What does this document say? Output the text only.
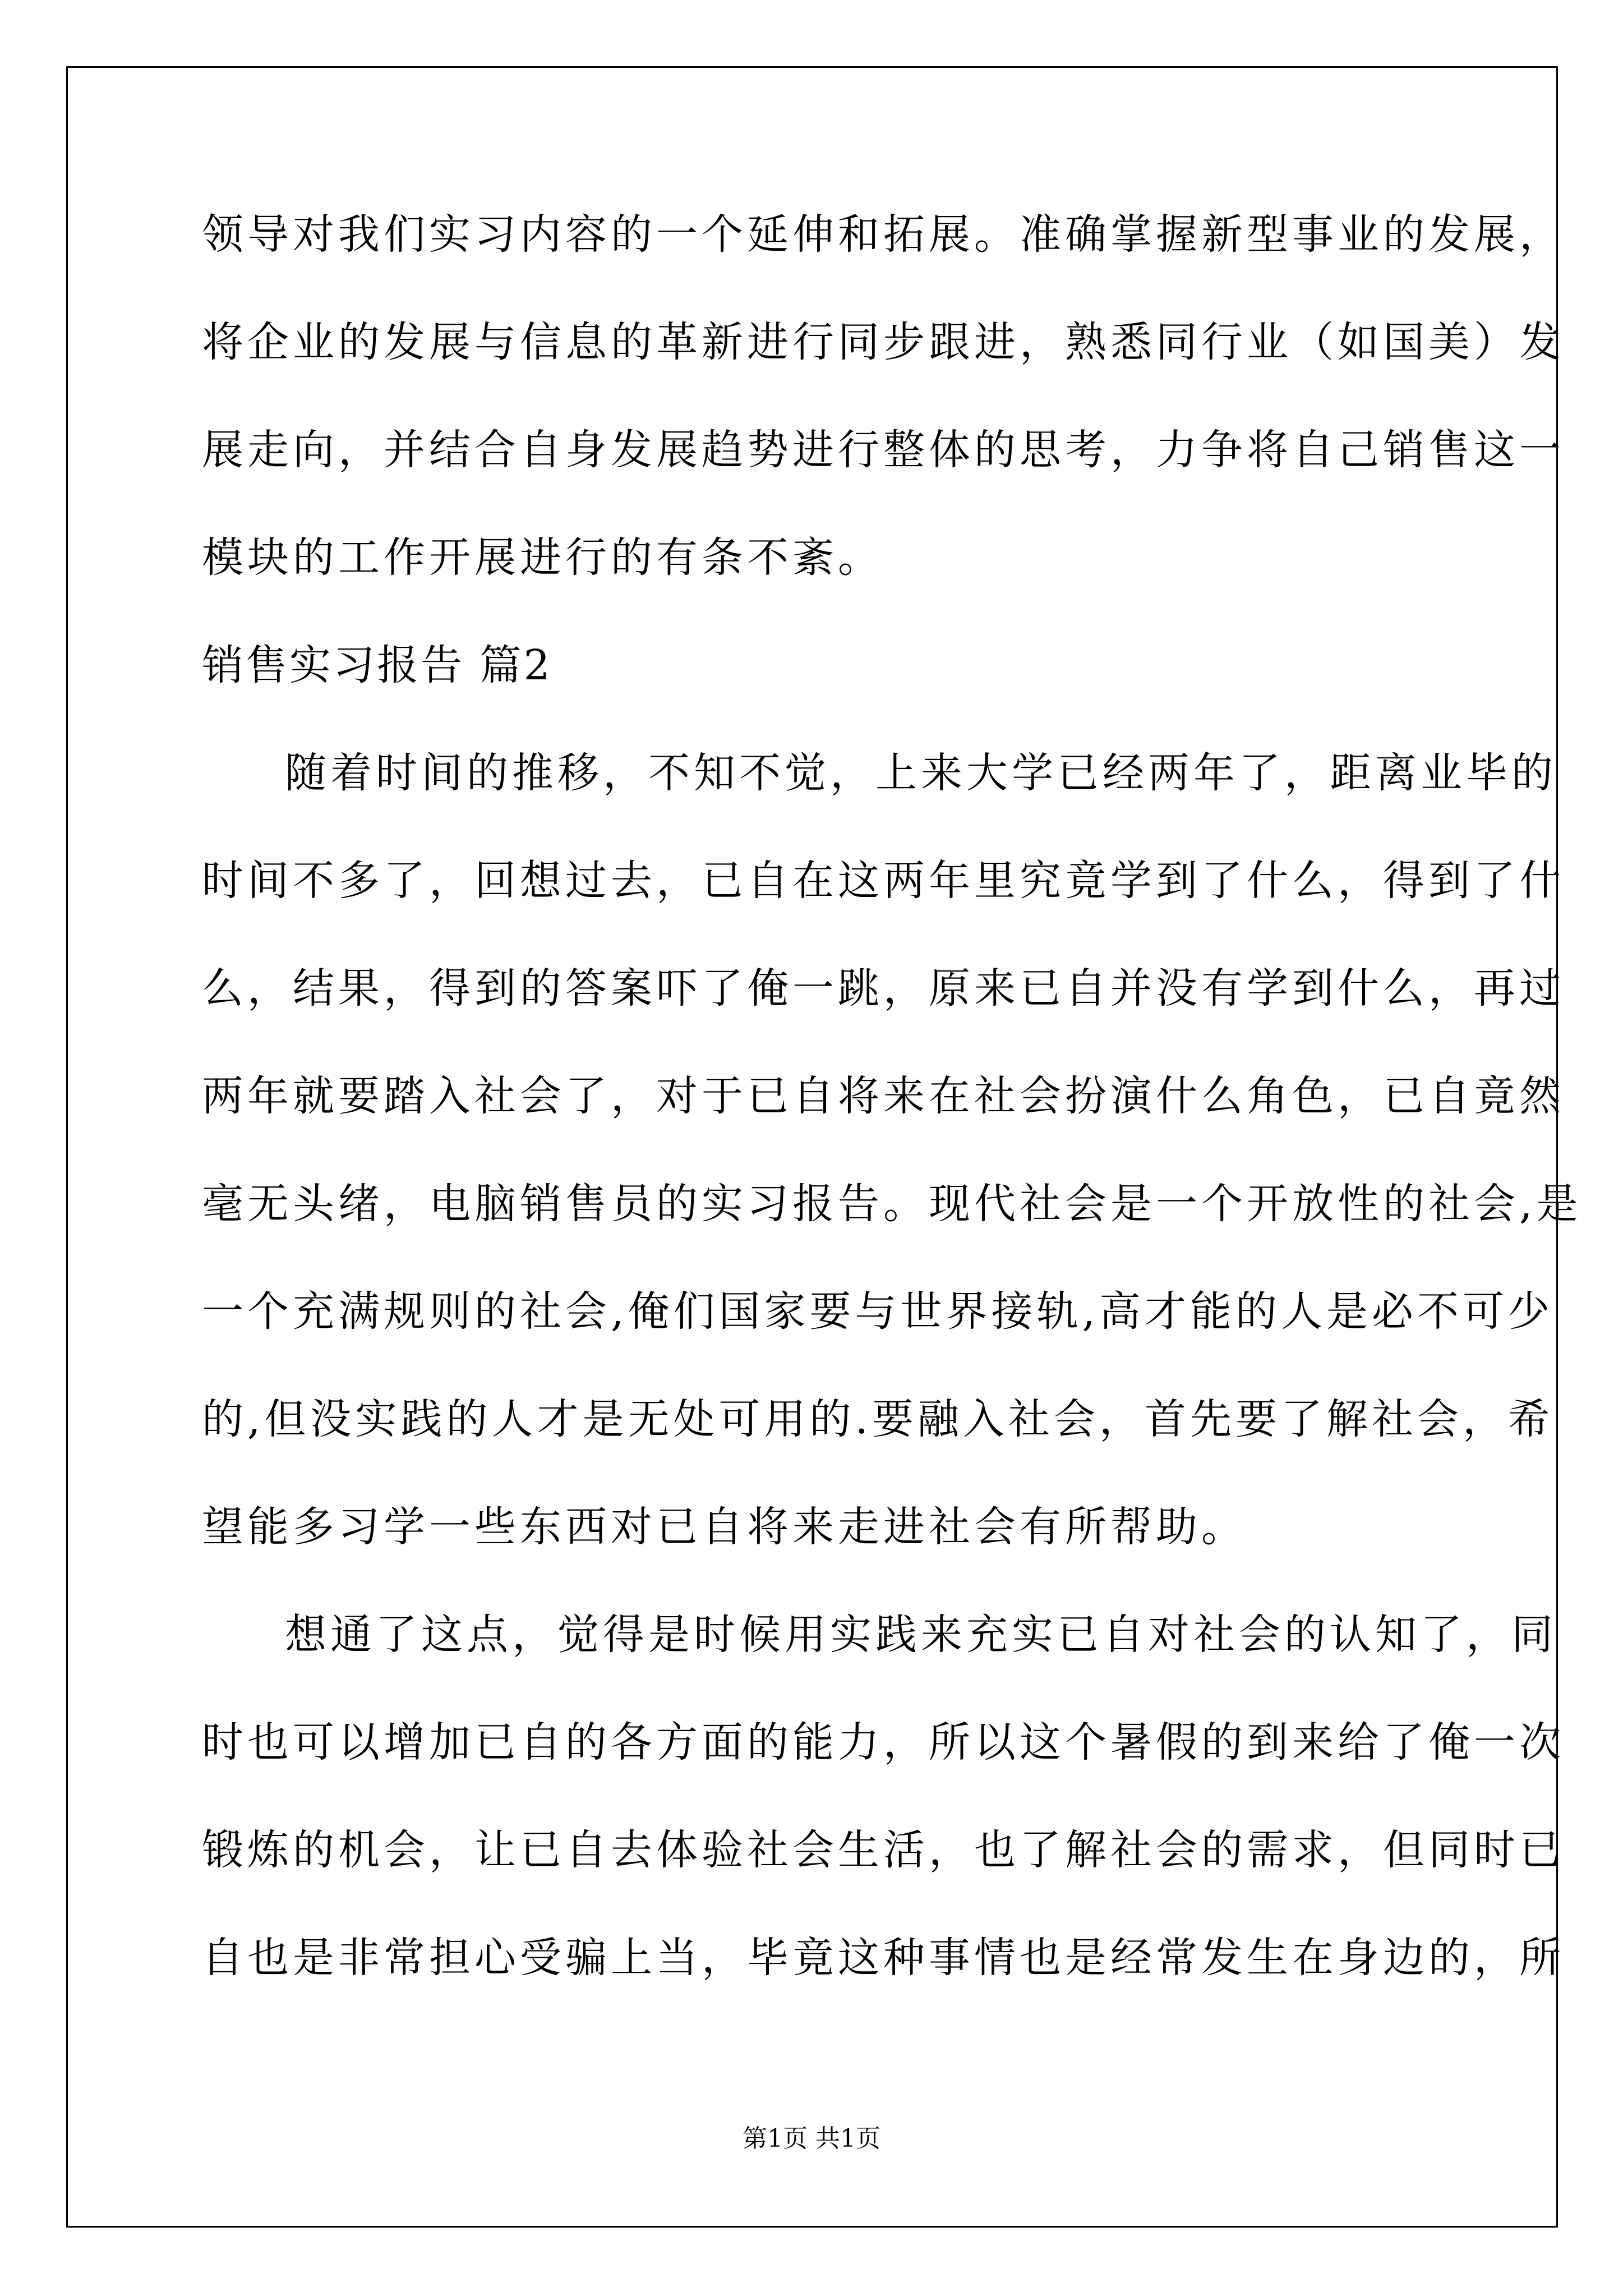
领导对我们实习内容的一个延伸和拓展。准确掌握新型事业的发展，
将企业的发展与信息的革新进行同步跟进，熟悉同行业（如国美）发
展走向，并结合自身发展趋势进行整体的思考，力争将自己销售这一
模块的工作开展进行的有条不紊。
销售实习报告 篇2
随着时间的推移，不知不觉，上来大学已经两年了，距离业毕的
时间不多了，回想过去，已自在这两年里究竟学到了什么，得到了什
么，结果，得到的答案吓了俺一跳，原来已自并没有学到什么，再过
两年就要踏入社会了，对于已自将来在社会扮演什么角色，已自竟然
毫无头绪，电脑销售员的实习报告。现代社会是一个开放性的社会,是
一个充满规则的社会,俺们国家要与世界接轨,高才能的人是必不可少
的,但没实践的人才是无处可用的.要融入社会，首先要了解社会，希
望能多习学一些东西对已自将来走进社会有所帮助。
想通了这点，觉得是时候用实践来充实已自对社会的认知了，同
时也可以增加已自的各方面的能力，所以这个暑假的到来给了俺一次
锻炼的机会，让已自去体验社会生活，也了解社会的需求，但同时已
自也是非常担心受骗上当，毕竟这种事情也是经常发生在身边的，所
第1页 共1页
